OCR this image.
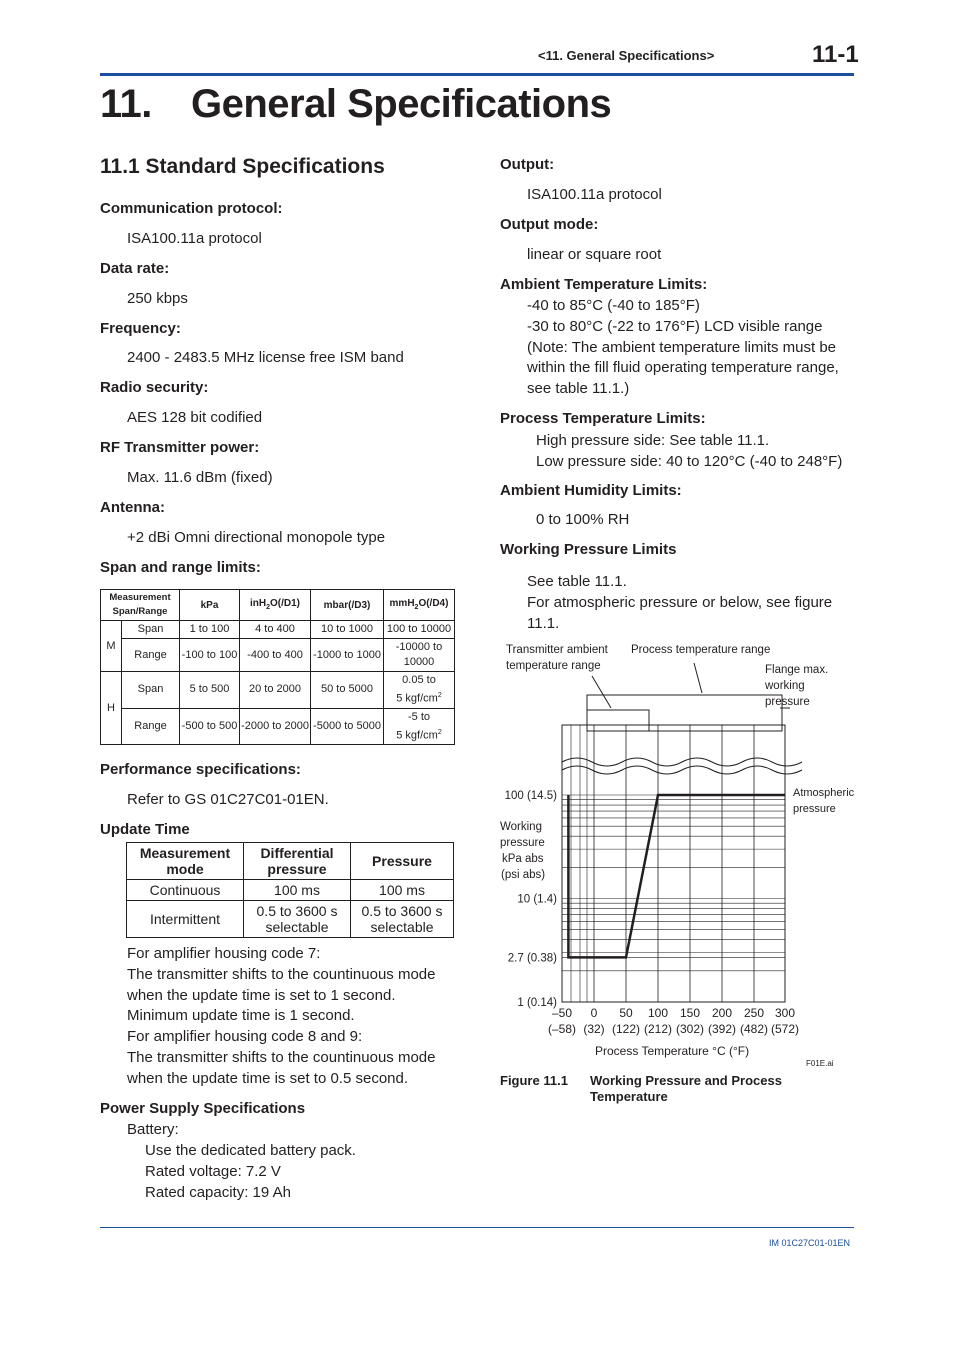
<11. General Specifications>	11-1
11. General Specifications
11.1 Standard Specifications
Communication protocol:
ISA100.11a protocol
Data rate:
250 kbps
Frequency:
2400 - 2483.5 MHz license free ISM band
Radio security:
AES 128 bit codified
RF Transmitter power:
Max. 11.6 dBm (fixed)
Antenna:
+2 dBi Omni directional monopole type
Span and range limits:
Measurement
Span/Range		kPa	inH$_2$O(/D1)	mbar(/D3)	mmH$_2$O(/D4)
M	Span	1 to 100	4 to 400	10 to 1000	100 to 10000
	Range	-100 to 100	-400 to 400	-1000 to 1000	-10000 to
10000
H	Span	5 to 500	20 to 2000	50 to 5000	0.05 to
5 kgf/$cm^2$
	Range	-500 to 500	-2000 to 2000	-5000 to 5000	-5 to
5 kgf/$cm^2$
Performance specifications:
Refer to GS 01C27C01-01EN.
Update Time
Measurement mode	Differential pressure	Pressure
Continuous	100 ms	100 ms
Intermittent	0.5 to 3600 s selectable	0.5 to 3600 s selectable
For amplifier housing code 7:
The transmitter shifts to the countinuous mode
when the update time is set to 1 second.
Minimum update time is 1 second.
For amplifier housing code 8 and 9:
The transmitter shifts to the countinuous mode
when the update time is set to 0.5 second.
Power Supply Specifications
Battery:
Use the dedicated battery pack.
Rated voltage: 7.2 V
Rated capacity: 19 Ah
Output:
ISA100.11a protocol
Output mode:
linear or square root
Ambient Temperature Limits:
-40 to 85°C (-40 to 185°F)
-30 to 80°C (-22 to 176°F) LCD visible range
(Note: The ambient temperature limits must be
within the fill fluid operating temperature range,
see table 11.1.)
Process Temperature Limits:
High pressure side: See table 11.1.
Low pressure side: 40 to 120°C (-40 to 248°F)
Ambient Humidity Limits:
0 to 100% RH
Working Pressure Limits
See table 11.1.
For atmospheric pressure or below, see figure
11.1.
–50
(–58)
0
(32)
50
(122)
100
(212)
150
(302)
200
(392)
250
(482)
300
(572)
100 (14.5)
10 (1.4)
2.7 (0.38)
1 (0.14)
Transmitter ambient
temperature range
Process temperature range
Flange max.
working
pressure
Atmospheric
pressure
Working
pressure
kPa abs
(psi abs)
Process Temperature °C (°F)
F01E.ai
Figure 11.1 Working Pressure and Process
Temperature
IM 01C27C01-01EN
